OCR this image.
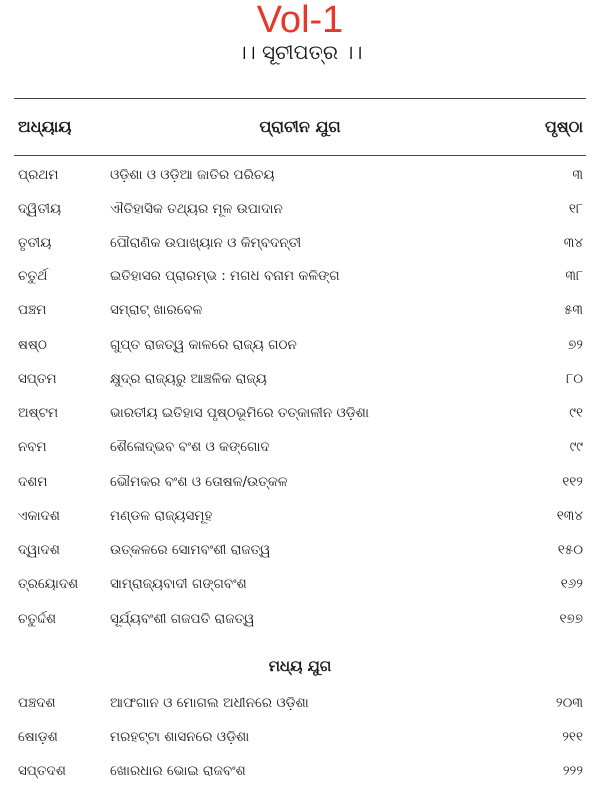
Vol-1
।। ସୂଚୀପତ୍ର ।।
ଅଧ୍ୟାୟ	ପ୍ରାଚୀନ ଯୁଗ	ପୃଷ୍ଠା
ପ୍ରଥମ	ଓଡ଼ିଶା ଓ ଓଡ଼ିଆ ଜାତିର ପରିଚୟ	୩
ଦ୍ୱିତୀୟ	ଐତିହାସିକ ତଥ୍ୟର ମୂଳ ଉପାଦାନ	୧୮
ତୃତୀୟ	ପୌରାଣିକ ଉପାଖ୍ୟାନ ଓ କିମ୍ବଦନ୍ତୀ	୩୪
ଚତୁର୍ଥ	ଇତିହାସର ପ୍ରାରମ୍ଭ : ମଗଧ ବନାମ କଳିଙ୍ଗ	୩୮
ପଞ୍ଚମ	ସମ୍ରାଟ୍ ଖାରବେଳ	୫୩
ଷଷ୍ଠ	ଗୁପ୍ତ ରାଜତ୍ୱ କାଳରେ ରାଜ୍ୟ ଗଠନ	୭୨
ସପ୍ତମ	କ୍ଷୁଦ୍ର ରାଜ୍ୟରୁ ଆଞ୍ଚଳିକ ରାଜ୍ୟ	୮୦
ଅଷ୍ଟମ	ଭାରତୀୟ ଇତିହାସ ପୃଷ୍ଠଭୂମିରେ ତତ୍କାଳୀନ ଓଡ଼ିଶା	୯୧
ନବମ	ଶୈଳୋଦ୍ଭବ ବଂଶ ଓ କଙ୍ଗୋଦ	୯୯
ଦଶମ	ଭୌମକର ବଂଶ ଓ ତୋଷଳ/ଉତ୍କଳ	୧୧୨
ଏକାଦଶ	ମଣ୍ଡଳ ରାଜ୍ୟସମୂହ	୧୩୪
ଦ୍ୱାଦଶ	ଉତ୍କଳରେ ସୋମବଂଶୀ ରାଜତ୍ୱ	୧୫୦
ତ୍ରୟୋଦଶ ସାମ୍ରାଜ୍ୟବାଦୀ ଗଙ୍ଗବଂଶ	୧୬୨
ଚତୁର୍ଦ୍ଦଶ	ସୂର୍ଯ୍ୟବଂଶୀ ଗଜପତି ରାଜତ୍ୱ	୧୭୭
ମଧ୍ୟ ଯୁଗ
ପଞ୍ଚଦଶ	ଆଫଗାନ ଓ ମୋଗଲ ଅଧୀନରେ ଓଡ଼ିଶା	୨୦୩
ଷୋଡ଼ଶ	ମରହଟ୍ଟା ଶାସନରେ ଓଡ଼ିଶା	୨୧୧
ସପ୍ତଦଶ	ଖୋରଧାର ଭୋଇ ରାଜବଂଶ	୨୨୨
